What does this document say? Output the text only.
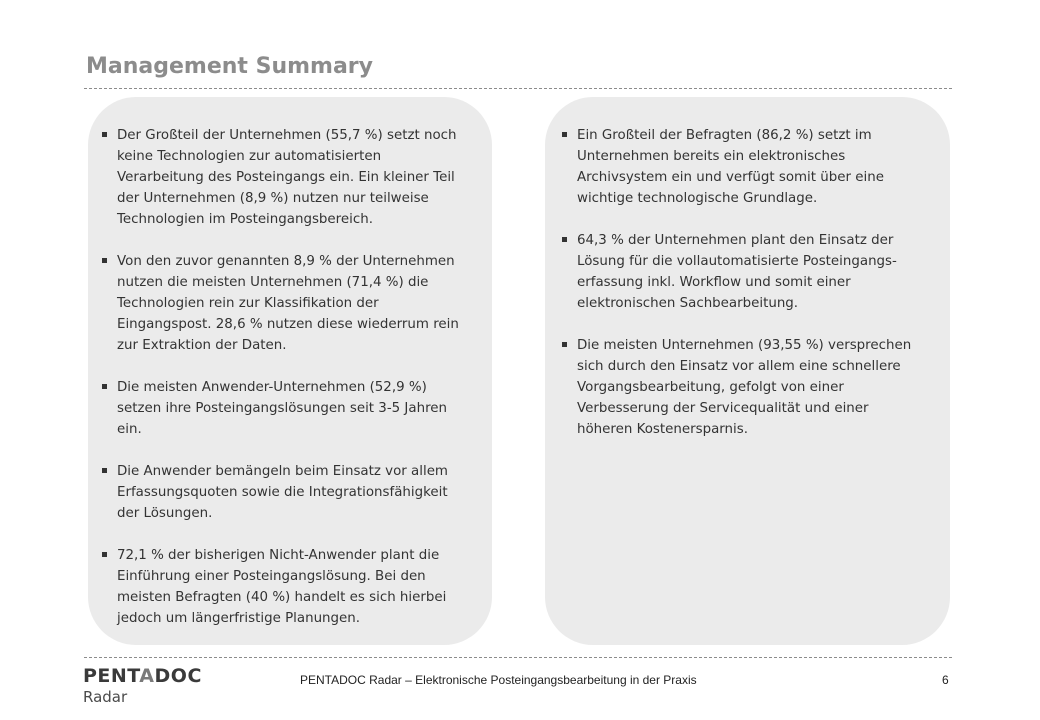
Management Summary
Der Großteil der Unternehmen (55,7 %) setzt noch
keine Technologien zur automatisierten
Verarbeitung des Posteingangs ein. Ein kleiner Teil
der Unternehmen (8,9 %) nutzen nur teilweise
Technologien im Posteingangsbereich.
Von den zuvor genannten 8,9 % der Unternehmen
nutzen die meisten Unternehmen (71,4 %) die
Technologien rein zur Klassifikation der
Eingangspost. 28,6 % nutzen diese wiederrum rein
zur Extraktion der Daten.
Die meisten Anwender-Unternehmen (52,9 %)
setzen ihre Posteingangslösungen seit 3-5 Jahren
ein.
Die Anwender bemängeln beim Einsatz vor allem
Erfassungsquoten sowie die Integrationsfähigkeit
der Lösungen.
72,1 % der bisherigen Nicht-Anwender plant die
Einführung einer Posteingangslösung. Bei den
meisten Befragten (40 %) handelt es sich hierbei
jedoch um längerfristige Planungen.
Ein Großteil der Befragten (86,2 %) setzt im
Unternehmen bereits ein elektronisches
Archivsystem ein und verfügt somit über eine
wichtige technologische Grundlage.
64,3 % der Unternehmen plant den Einsatz der
Lösung für die vollautomatisierte Posteingangs-
erfassung inkl. Workflow und somit einer
elektronischen Sachbearbeitung.
Die meisten Unternehmen (93,55 %) versprechen
sich durch den Einsatz vor allem eine schnellere
Vorgangsbearbeitung, gefolgt von einer
Verbesserung der Servicequalität und einer
höheren Kostenersparnis.
PENTADOC
Radar
PENTADOC Radar – Elektronische Posteingangsbearbeitung in der Praxis	6
